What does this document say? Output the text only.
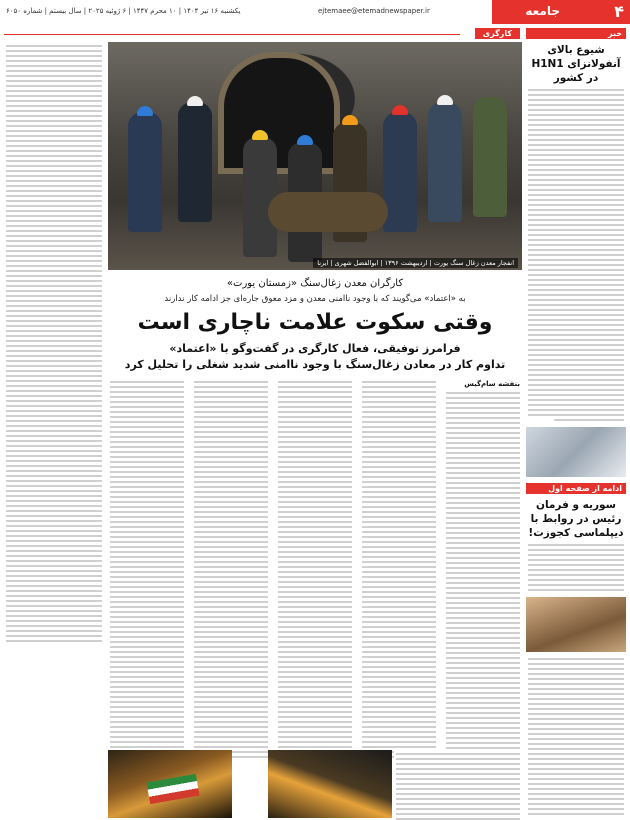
یکشنبه ۱۶ تیر ۱۴۰۴ | ۱۰ محرم ۱۴۴۷ | ۶ ژوئیه ۲۰۲۵ | سال بیستم | شماره ۶۰۵۰	ejtemaee@etemadnewspaper.ir	۴
جامعه
خبر
شیوع بالای آنفولانزای H1N1 در کشور
ادامه از صفحه اول
سوریه و فرمان رئیس در روابط با دیپلماسی کجوزت!
کارگری
انفجار معدن زغال سنگ یورت | اردیبهشت ۱۳۹۶ | ابوالفضل شهری | ایرنا
کارگران معدن زغال‌سنگ «زمستان یورت»
به «اعتماد» می‌گویند که با وجود ناامنی معدن و مزد معوق جاره‌ای جز ادامه کار ندارند
وقتی سکوت علامت ناچاری است
فرامرز توفیقی، فعال کارگری در گفت‌وگو با «اعتماد»
تداوم کار در معادن زغال‌سنگ با وجود ناامنی شدید شغلی را تحلیل کرد
بنفشه سام‌گیس
